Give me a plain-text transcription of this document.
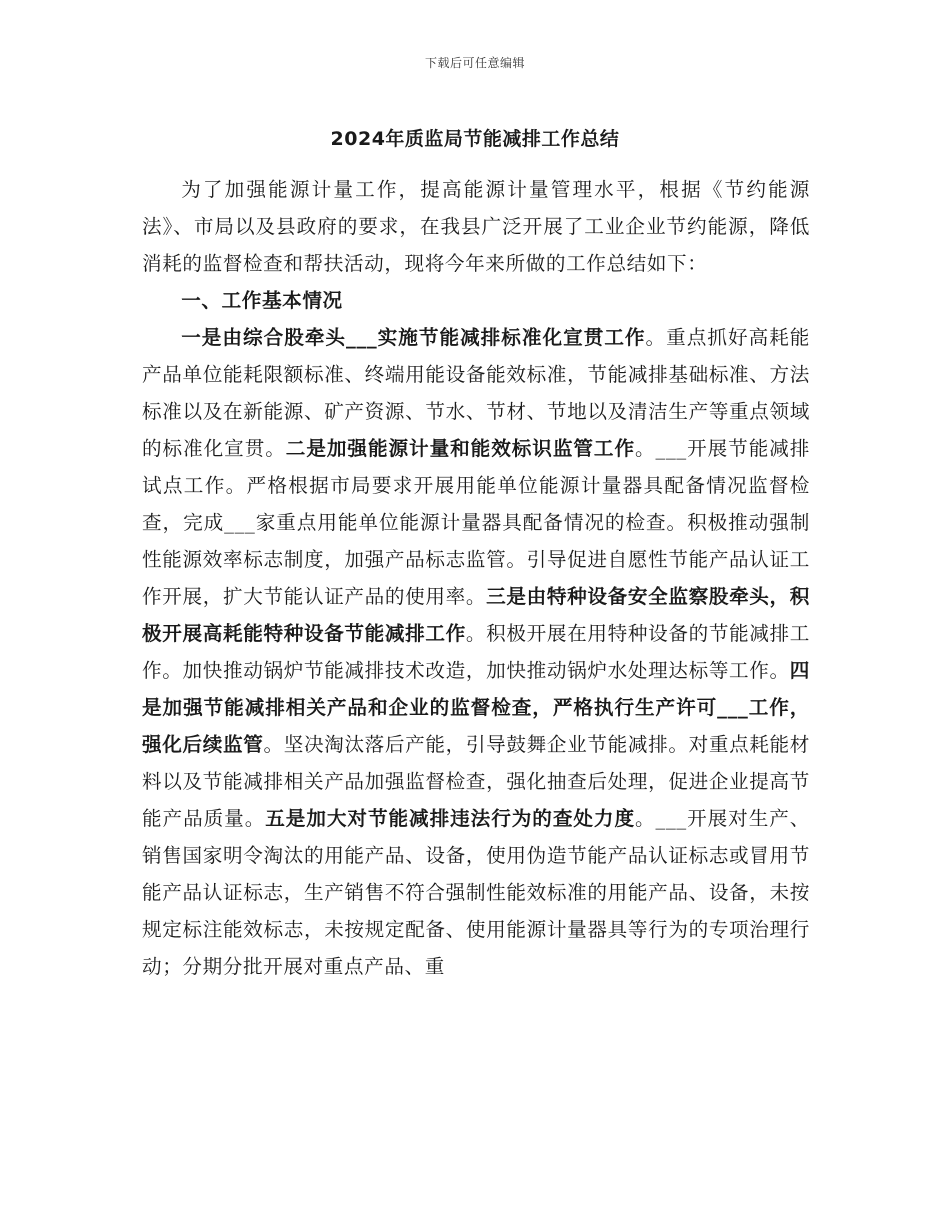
下载后可任意编辑
2024年质监局节能减排工作总结

为了加强能源计量工作，提高能源计量管理水平，根据《节约能源法》、市局以及县政府的要求，在我县广泛开展了工业企业节约能源，降低消耗的监督检查和帮扶活动，现将今年来所做的工作总结如下：

一、工作基本情况

一是由综合股牵头___实施节能减排标准化宣贯工作。重点抓好高耗能产品单位能耗限额标准、终端用能设备能效标准，节能减排基础标准、方法标准以及在新能源、矿产资源、节水、节材、节地以及清洁生产等重点领域的标准化宣贯。二是加强能源计量和能效标识监管工作。___开展节能减排试点工作。严格根据市局要求开展用能单位能源计量器具配备情况监督检查，完成___家重点用能单位能源计量器具配备情况的检查。积极推动强制性能源效率标志制度，加强产品标志监管。引导促进自愿性节能产品认证工作开展，扩大节能认证产品的使用率。三是由特种设备安全监察股牵头，积极开展高耗能特种设备节能减排工作。积极开展在用特种设备的节能减排工作。加快推动锅炉节能减排技术改造，加快推动锅炉水处理达标等工作。四是加强节能减排相关产品和企业的监督检查，严格执行生产许可___工作，强化后续监管。坚决淘汰落后产能，引导鼓舞企业节能减排。对重点耗能材料以及节能减排相关产品加强监督检查，强化抽查后处理，促进企业提高节能产品质量。五是加大对节能减排违法行为的查处力度。___开展对生产、销售国家明令淘汰的用能产品、设备，使用伪造节能产品认证标志或冒用节能产品认证标志，生产销售不符合强制性能效标准的用能产品、设备，未按规定标注能效标志，未按规定配备、使用能源计量器具等行为的专项治理行动；分期分批开展对重点产品、重
